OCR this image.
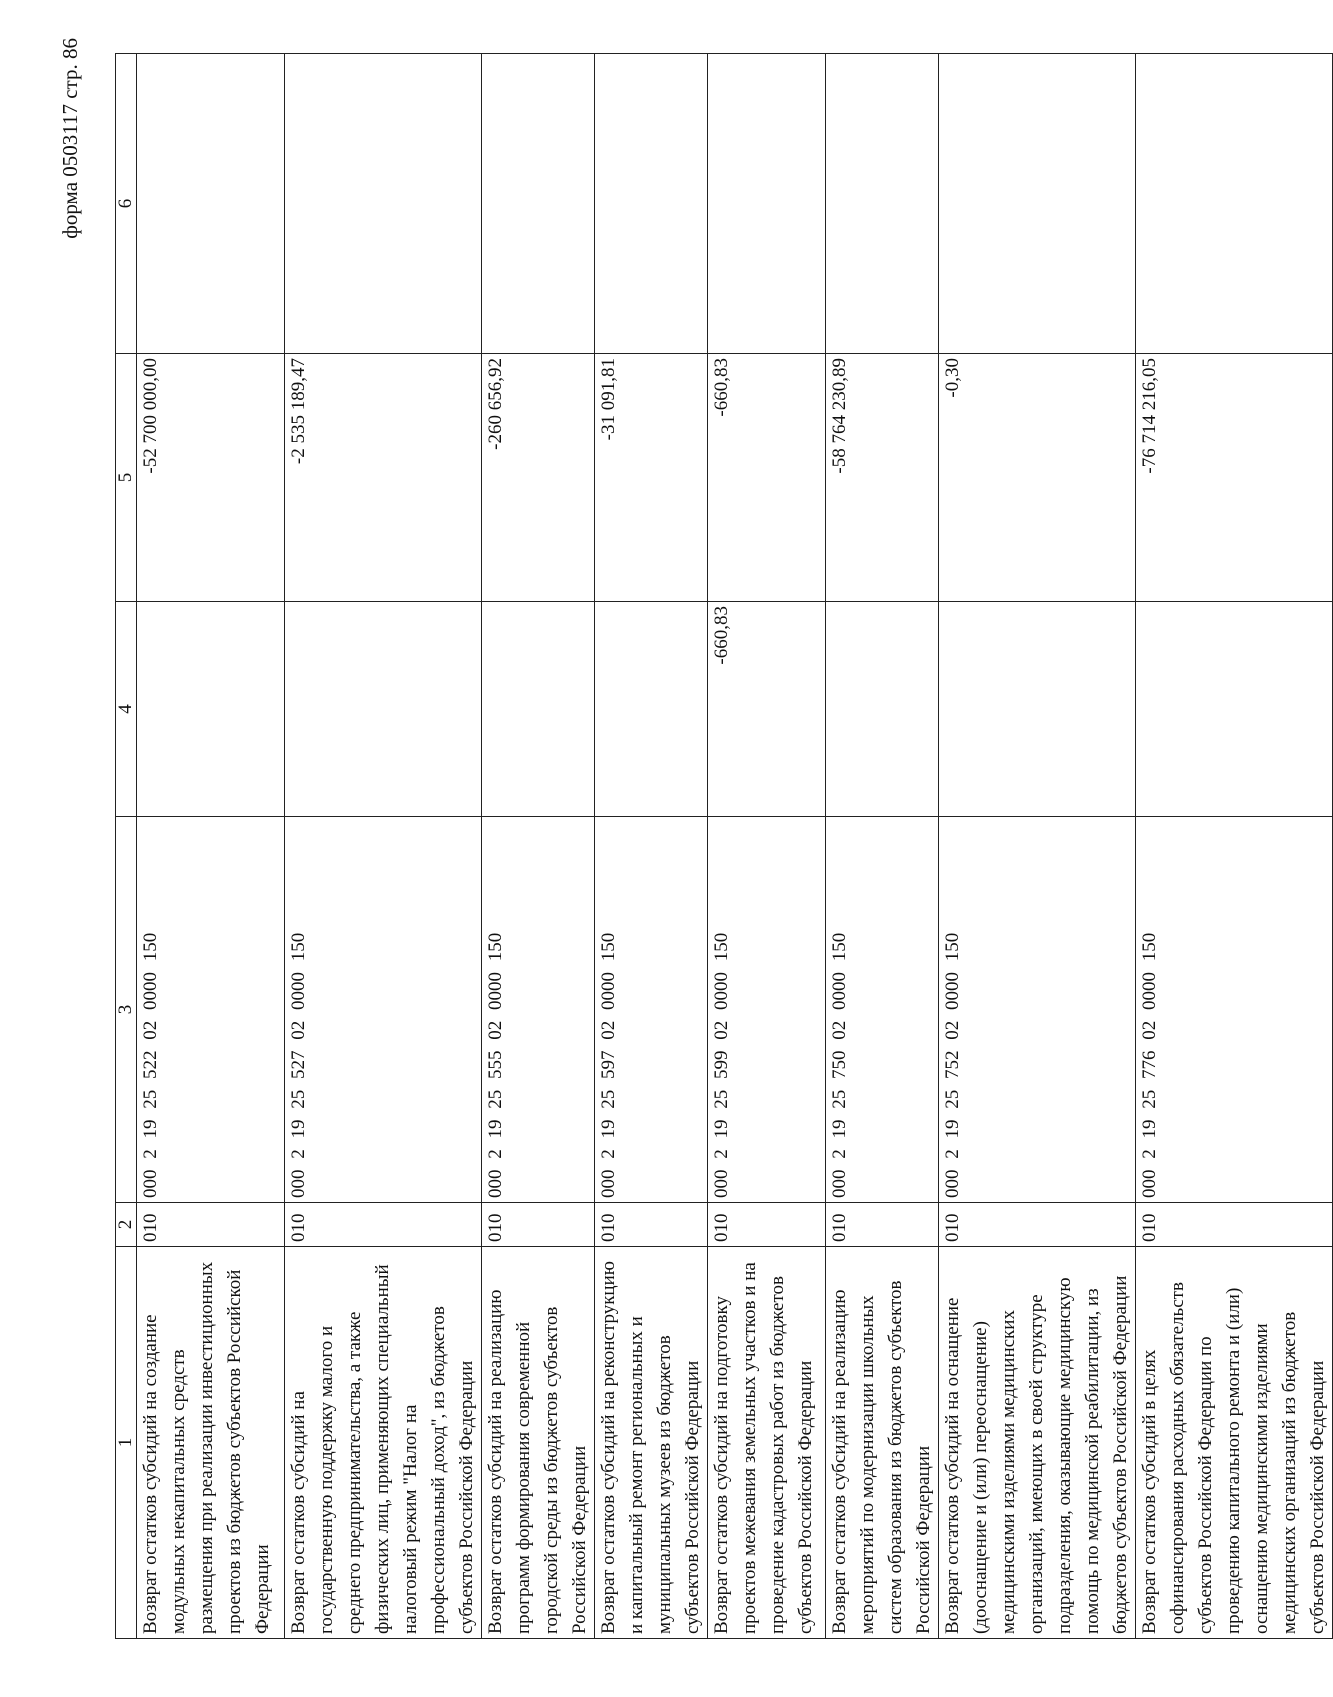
форма 0503117 стр. 86
1	2	3	4	5	6
Возврат остатков субсидий на создание модульных некапитальных средств размещения при реализации инвестиционных проектов из бюджетов субъектов Российской Федерации	010	000 2 19 25 522 02 0000 150		-52 700 000,00	
Возврат остатков субсидий на государственную поддержку малого и среднего предпринимательства, а также физических лиц, применяющих специальный налоговый режим "Налог на профессиональный доход", из бюджетов субъектов Российской Федерации	010	000 2 19 25 527 02 0000 150		-2 535 189,47	
Возврат остатков субсидий на реализацию программ формирования современной городской среды из бюджетов субъектов Российской Федерации	010	000 2 19 25 555 02 0000 150		-260 656,92	
Возврат остатков субсидий на реконструкцию и капитальный ремонт региональных и муниципальных музеев из бюджетов субъектов Российской Федерации	010	000 2 19 25 597 02 0000 150		-31 091,81	
Возврат остатков субсидий на подготовку проектов межевания земельных участков и на проведение кадастровых работ из бюджетов субъектов Российской Федерации	010	000 2 19 25 599 02 0000 150	-660,83	-660,83	
Возврат остатков субсидий на реализацию мероприятий по модернизации школьных систем образования из бюджетов субъектов Российской Федерации	010	000 2 19 25 750 02 0000 150		-58 764 230,89	
Возврат остатков субсидий на оснащение (дооснащение и (или) переоснащение) медицинскими изделиями медицинских организаций, имеющих в своей структуре подразделения, оказывающие медицинскую помощь по медицинской реабилитации, из бюджетов субъектов Российской Федерации	010	000 2 19 25 752 02 0000 150		-0,30	
Возврат остатков субсидий в целях софинансирования расходных обязательств субъектов Российской Федерации по проведению капитального ремонта и (или) оснащению медицинскими изделиями медицинских организаций из бюджетов субъектов Российской Федерации	010	000 2 19 25 776 02 0000 150		-76 714 216,05	
